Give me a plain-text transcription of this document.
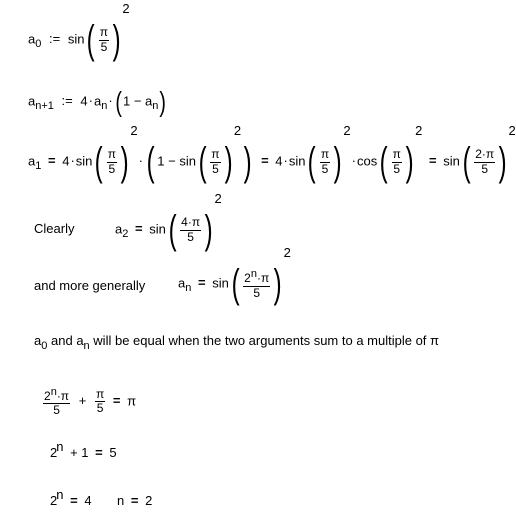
$a_0$ := $\sin( \frac{\pi}{5} )2$
$a_{n+1}$ := $4\cdot a_n\cdot(1 - a_n)$
$a_1 = 4\cdot\sin( \frac{\pi}{5} )2\cdot$( $1 - \sin( \frac{\pi}{5} )2) = 4\cdot\sin( \frac{\pi}{5} )2\cdot\cos( \frac{\pi}{5} )2 = \sin( \frac{2\cdot\pi}{5} )2$
Clearly	$a_2 = \sin( \frac{4\cdot\pi}{5} )2$
and more generally	$a_n = \sin( \frac{2^n\cdot\pi}{5} )2$
$a_0$ and $a_n$ will be equal when the two arguments sum to a multiple of π
$\frac{2^n\cdot\pi}{5} + \frac{\pi}{5} = \pi$
2n + 1 = 5
2n = 4 n = 2
